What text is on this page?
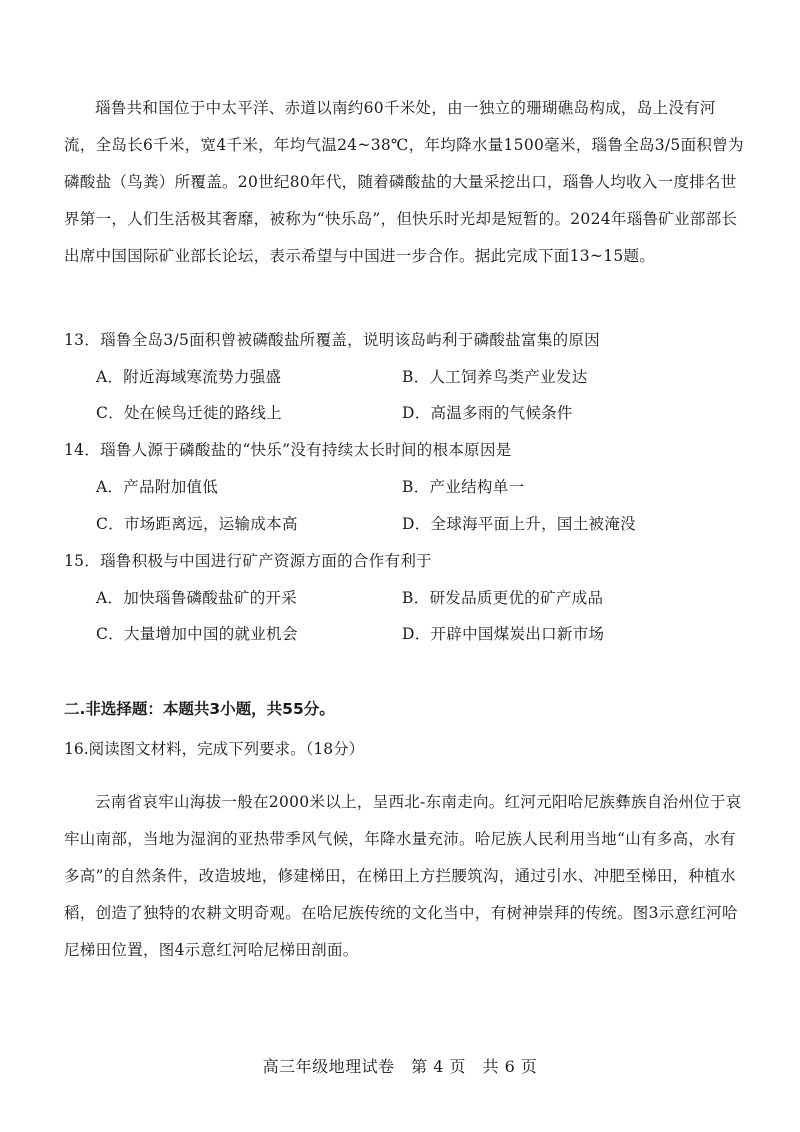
瑙鲁共和国位于中太平洋、赤道以南约60千米处，由一独立的珊瑚礁岛构成，岛上没有河流，全岛长6千米，宽4千米，年均气温24~38℃，年均降水量1500毫米，瑙鲁全岛3/5面积曾为磷酸盐（鸟粪）所覆盖。20世纪80年代，随着磷酸盐的大量采挖出口，瑙鲁人均收入一度排名世界第一，人们生活极其奢靡，被称为“快乐岛”，但快乐时光却是短暂的。2024年瑙鲁矿业部部长出席中国国际矿业部长论坛，表示希望与中国进一步合作。据此完成下面13~15题。

13．瑙鲁全岛3/5面积曾被磷酸盐所覆盖，说明该岛屿利于磷酸盐富集的原因
A．附近海域寒流势力强盛	B．人工饲养鸟类产业发达
C．处在候鸟迁徙的路线上	D．高温多雨的气候条件
14．瑙鲁人源于磷酸盐的“快乐”没有持续太长时间的根本原因是
A．产品附加值低	B．产业结构单一
C．市场距离远，运输成本高	D．全球海平面上升，国土被淹没
15．瑙鲁积极与中国进行矿产资源方面的合作有利于
A．加快瑙鲁磷酸盐矿的开采	B．研发品质更优的矿产成品
C．大量增加中国的就业机会	D．开辟中国煤炭出口新市场
二.非选择题：本题共3小题，共55分。
16.阅读图文材料，完成下列要求。（18分）

云南省哀牢山海拔一般在2000米以上，呈西北-东南走向。红河元阳哈尼族彝族自治州位于哀牢山南部，当地为湿润的亚热带季风气候，年降水量充沛。哈尼族人民利用当地“山有多高，水有多高”的自然条件，改造坡地，修建梯田，在梯田上方拦腰筑沟，通过引水、冲肥至梯田，种植水稻，创造了独特的农耕文明奇观。在哈尼族传统的文化当中，有树神崇拜的传统。图3示意红河哈尼梯田位置，图4示意红河哈尼梯田剖面。

高三年级地理试卷　第 4 页　共 6 页
